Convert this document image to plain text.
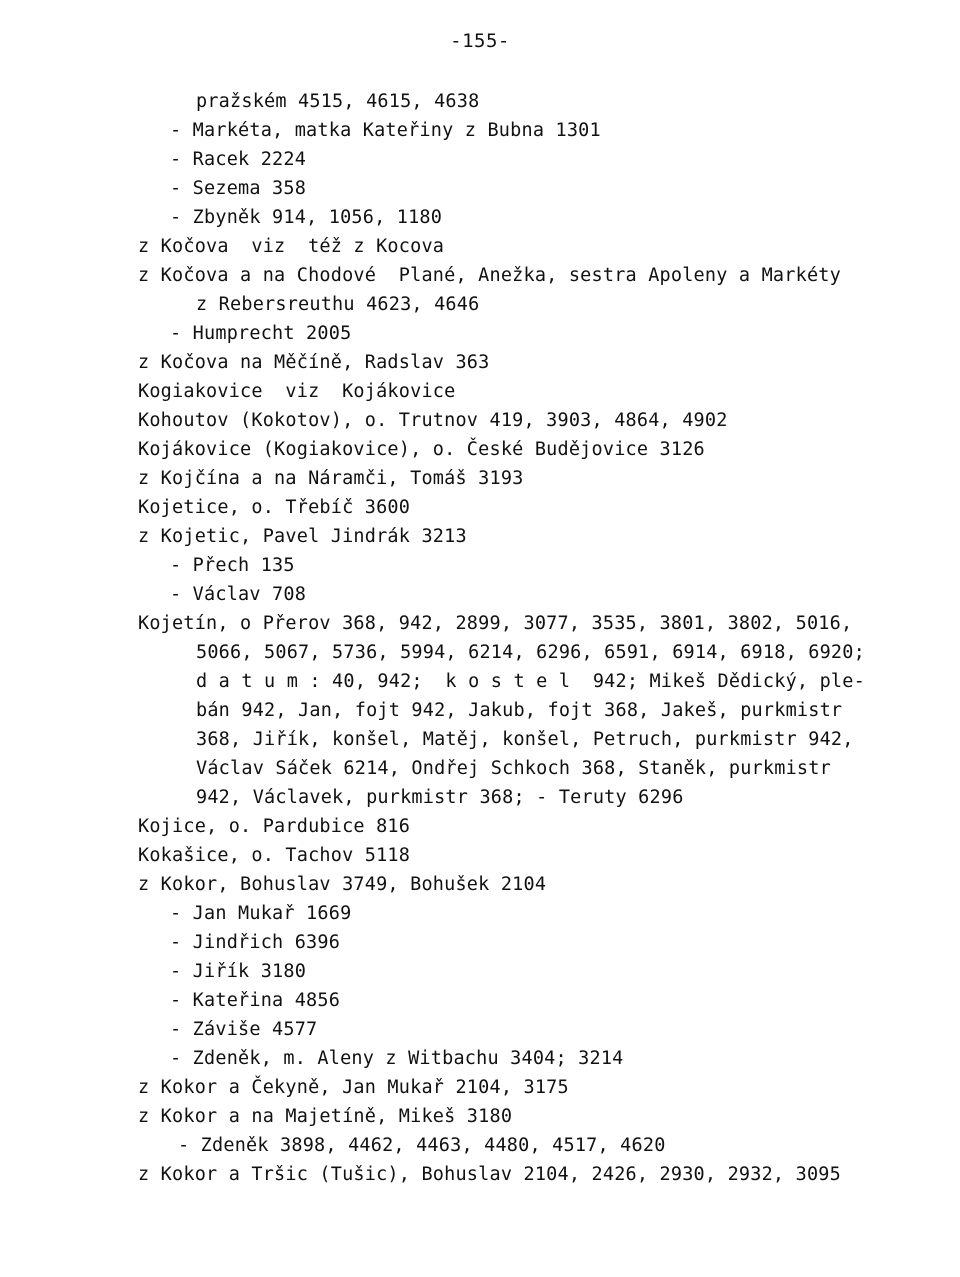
-155-
pražském 4515, 4615, 4638
- Markéta, matka Kateřiny z Bubna 1301
- Racek 2224
- Sezema 358
- Zbyněk 914, 1056, 1180
z Kočova  viz  též z Kocova
z Kočova a na Chodové  Plané, Anežka, sestra Apoleny a Markéty
z Rebersreuthu 4623, 4646
- Humprecht 2005
z Kočova na Měčíně, Radslav 363
Kogiakovice  viz  Kojákovice
Kohoutov (Kokotov), o. Trutnov 419, 3903, 4864, 4902
Kojákovice (Kogiakovice), o. České Budějovice 3126
z Kojčína a na Náramči, Tomáš 3193
Kojetice, o. Třebíč 3600
z Kojetic, Pavel Jindrák 3213
- Přech 135
- Václav 708
Kojetín, o Přerov 368, 942, 2899, 3077, 3535, 3801, 3802, 5016,
5066, 5067, 5736, 5994, 6214, 6296, 6591, 6914, 6918, 6920;
d a t u m : 40, 942;  k o s t e l  942; Mikeš Dědický, ple-
bán 942, Jan, fojt 942, Jakub, fojt 368, Jakeš, purkmistr
368, Jiřík, konšel, Matěj, konšel, Petruch, purkmistr 942,
Václav Sáček 6214, Ondřej Schkoch 368, Staněk, purkmistr
942, Václavek, purkmistr 368; - Teruty 6296
Kojice, o. Pardubice 816
Kokašice, o. Tachov 5118
z Kokor, Bohuslav 3749, Bohušek 2104
- Jan Mukař 1669
- Jindřich 6396
- Jiřík 3180
- Kateřina 4856
- Záviše 4577
- Zdeněk, m. Aleny z Witbachu 3404; 3214
z Kokor a Čekyně, Jan Mukař 2104, 3175
z Kokor a na Majetíně, Mikeš 3180
- Zdeněk 3898, 4462, 4463, 4480, 4517, 4620
z Kokor a Tršic (Tušic), Bohuslav 2104, 2426, 2930, 2932, 3095
